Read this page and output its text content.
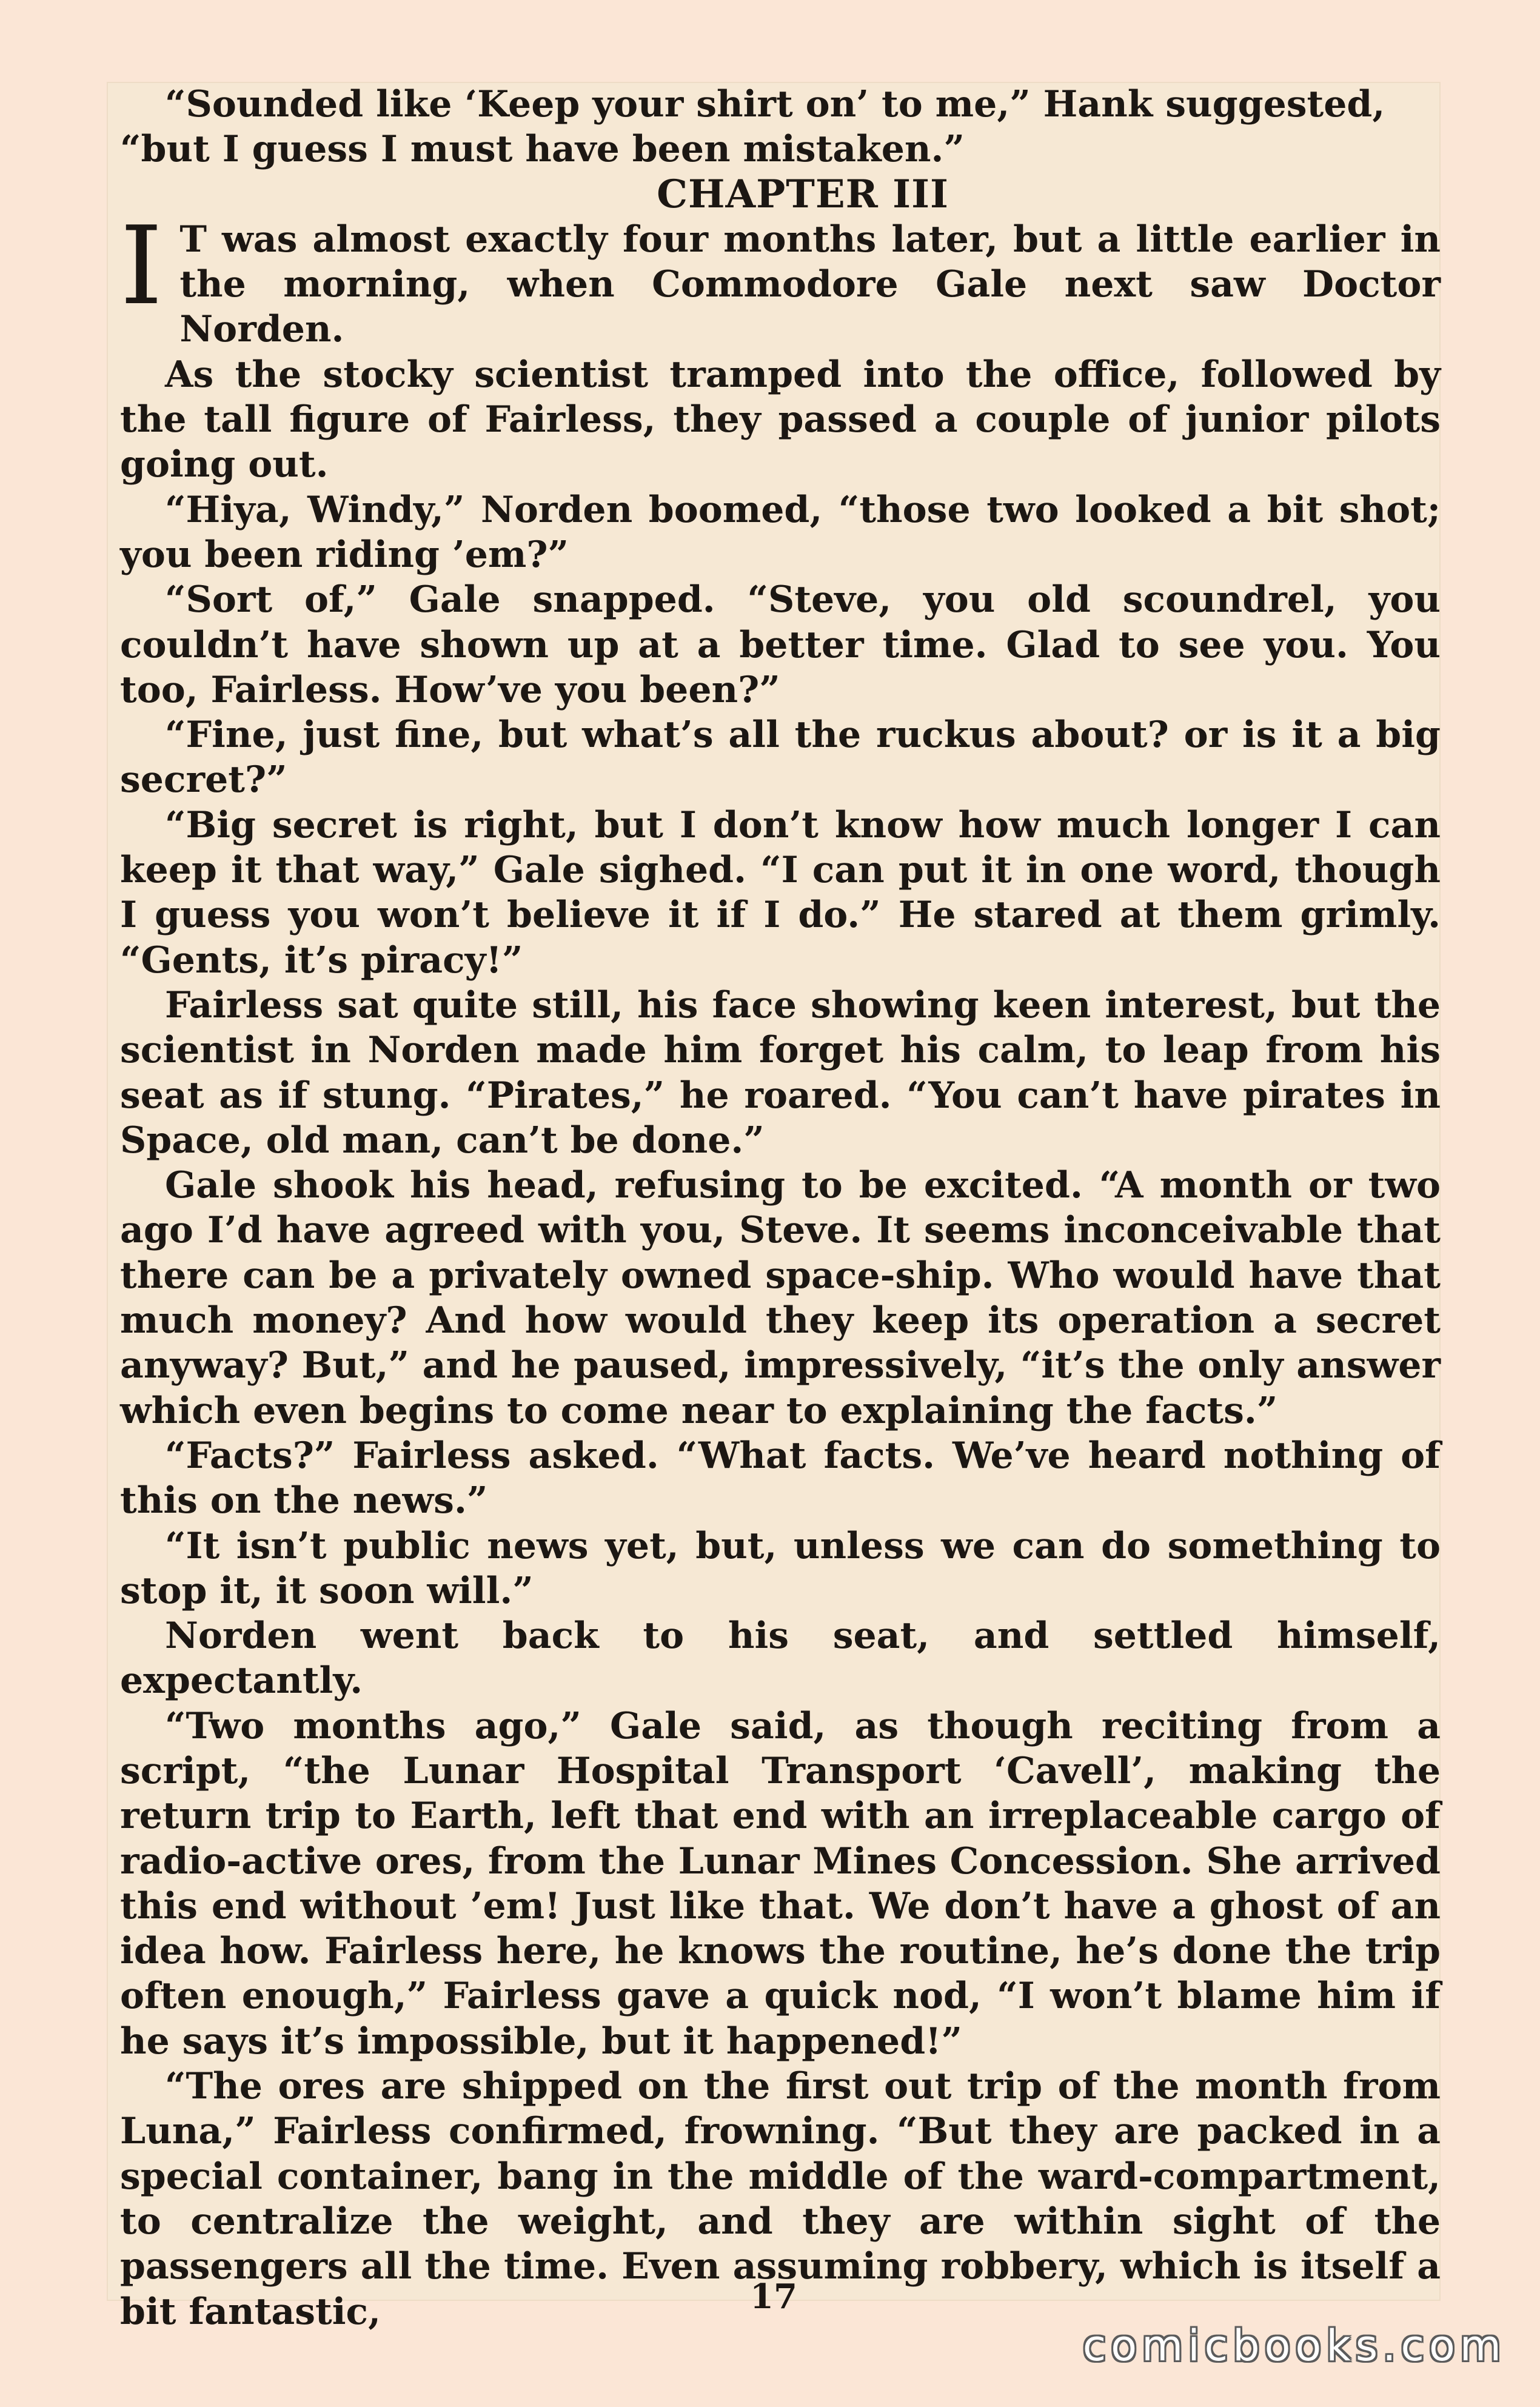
“Sounded like ‘Keep your shirt on’ to me,” Hank suggested,

“but I guess I must have been mistaken.”

CHAPTER III

I T was almost exactly four months later, but a little earlier in the morning, when Commodore Gale next saw Doctor Norden.

As the stocky scientist tramped into the office, followed by the tall figure of Fairless, they passed a couple of junior pilots going out.

“Hiya, Windy,” Norden boomed, “those two looked a bit shot; you been riding ’em?”

“Sort of,” Gale snapped. “Steve, you old scoundrel, you couldn’t have shown up at a better time. Glad to see you. You too, Fairless. How’ve you been?”

“Fine, just fine, but what’s all the ruckus about? or is it a big secret?”

“Big secret is right, but I don’t know how much longer I can keep it that way,” Gale sighed. “I can put it in one word, though I guess you won’t believe it if I do.” He stared at them grimly. “Gents, it’s piracy!”

Fairless sat quite still, his face showing keen interest, but the scientist in Norden made him forget his calm, to leap from his seat as if stung. “Pirates,” he roared. “You can’t have pirates in Space, old man, can’t be done.”

Gale shook his head, refusing to be excited. “A month or two ago I’d have agreed with you, Steve. It seems inconceivable that there can be a privately owned space-ship. Who would have that much money? And how would they keep its operation a secret anyway? But,” and he paused, impressively, “it’s the only answer which even begins to come near to explaining the facts.”

“Facts?” Fairless asked. “What facts. We’ve heard nothing of this on the news.”

“It isn’t public news yet, but, unless we can do something to stop it, it soon will.”

Norden went back to his seat, and settled himself, expectantly.

“Two months ago,” Gale said, as though reciting from a script, “the Lunar Hospital Transport ‘Cavell’, making the return trip to Earth, left that end with an irreplaceable cargo of radio-active ores, from the Lunar Mines Concession. She arrived this end without ’em! Just like that. We don’t have a ghost of an idea how. Fairless here, he knows the routine, he’s done the trip often enough,” Fairless gave a quick nod, “I won’t blame him if he says it’s impossible, but it happened!”

“The ores are shipped on the first out trip of the month from Luna,” Fairless confirmed, frowning. “But they are packed in a special container, bang in the middle of the ward-compartment, to centralize the weight, and they are within sight of the passengers all the time. Even assuming robbery, which is itself a bit fantastic,	17
comicbooks.com
